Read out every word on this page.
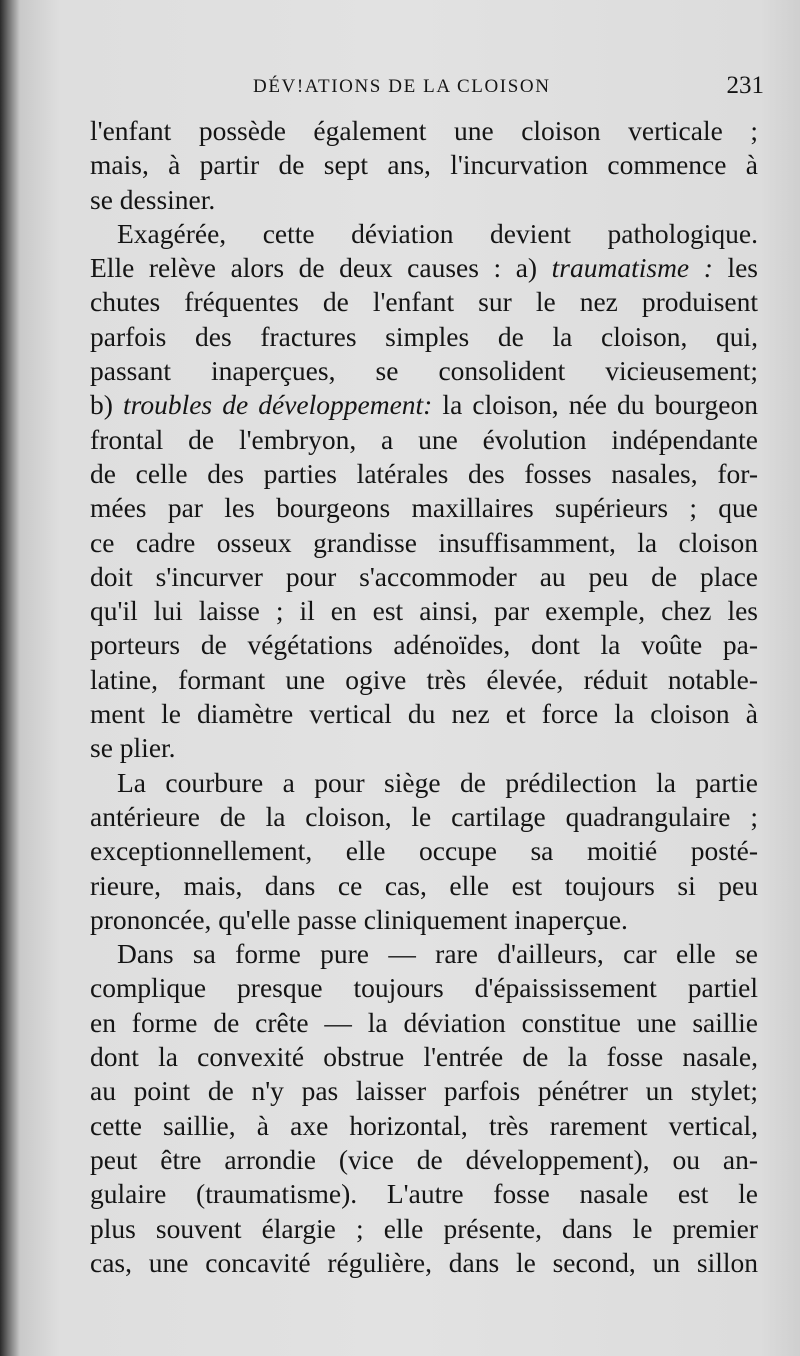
DÉV!ATIONS DE LA CLOISON	231
l'enfant possède également une cloison verticale ;
mais, à partir de sept ans, l'incurvation commence à
se dessiner.
Exagérée, cette déviation devient pathologique.
Elle relève alors de deux causes : a) traumatisme : les
chutes fréquentes de l'enfant sur le nez produisent
parfois des fractures simples de la cloison, qui,
passant inaperçues, se consolident vicieusement;
b) troubles de développement: la cloison, née du bourgeon
frontal de l'embryon, a une évolution indépendante
de celle des parties latérales des fosses nasales, for-
mées par les bourgeons maxillaires supérieurs ; que
ce cadre osseux grandisse insuffisamment, la cloison
doit s'incurver pour s'accommoder au peu de place
qu'il lui laisse ; il en est ainsi, par exemple, chez les
porteurs de végétations adénoïdes, dont la voûte pa-
latine, formant une ogive très élevée, réduit notable-
ment le diamètre vertical du nez et force la cloison à
se plier.
La courbure a pour siège de prédilection la partie
antérieure de la cloison, le cartilage quadrangulaire ;
exceptionnellement, elle occupe sa moitié posté-
rieure, mais, dans ce cas, elle est toujours si peu
prononcée, qu'elle passe cliniquement inaperçue.
Dans sa forme pure — rare d'ailleurs, car elle se
complique presque toujours d'épaississement partiel
en forme de crête — la déviation constitue une saillie
dont la convexité obstrue l'entrée de la fosse nasale,
au point de n'y pas laisser parfois pénétrer un stylet;
cette saillie, à axe horizontal, très rarement vertical,
peut être arrondie (vice de développement), ou an-
gulaire (traumatisme). L'autre fosse nasale est le
plus souvent élargie ; elle présente, dans le premier
cas, une concavité régulière, dans le second, un sillon
